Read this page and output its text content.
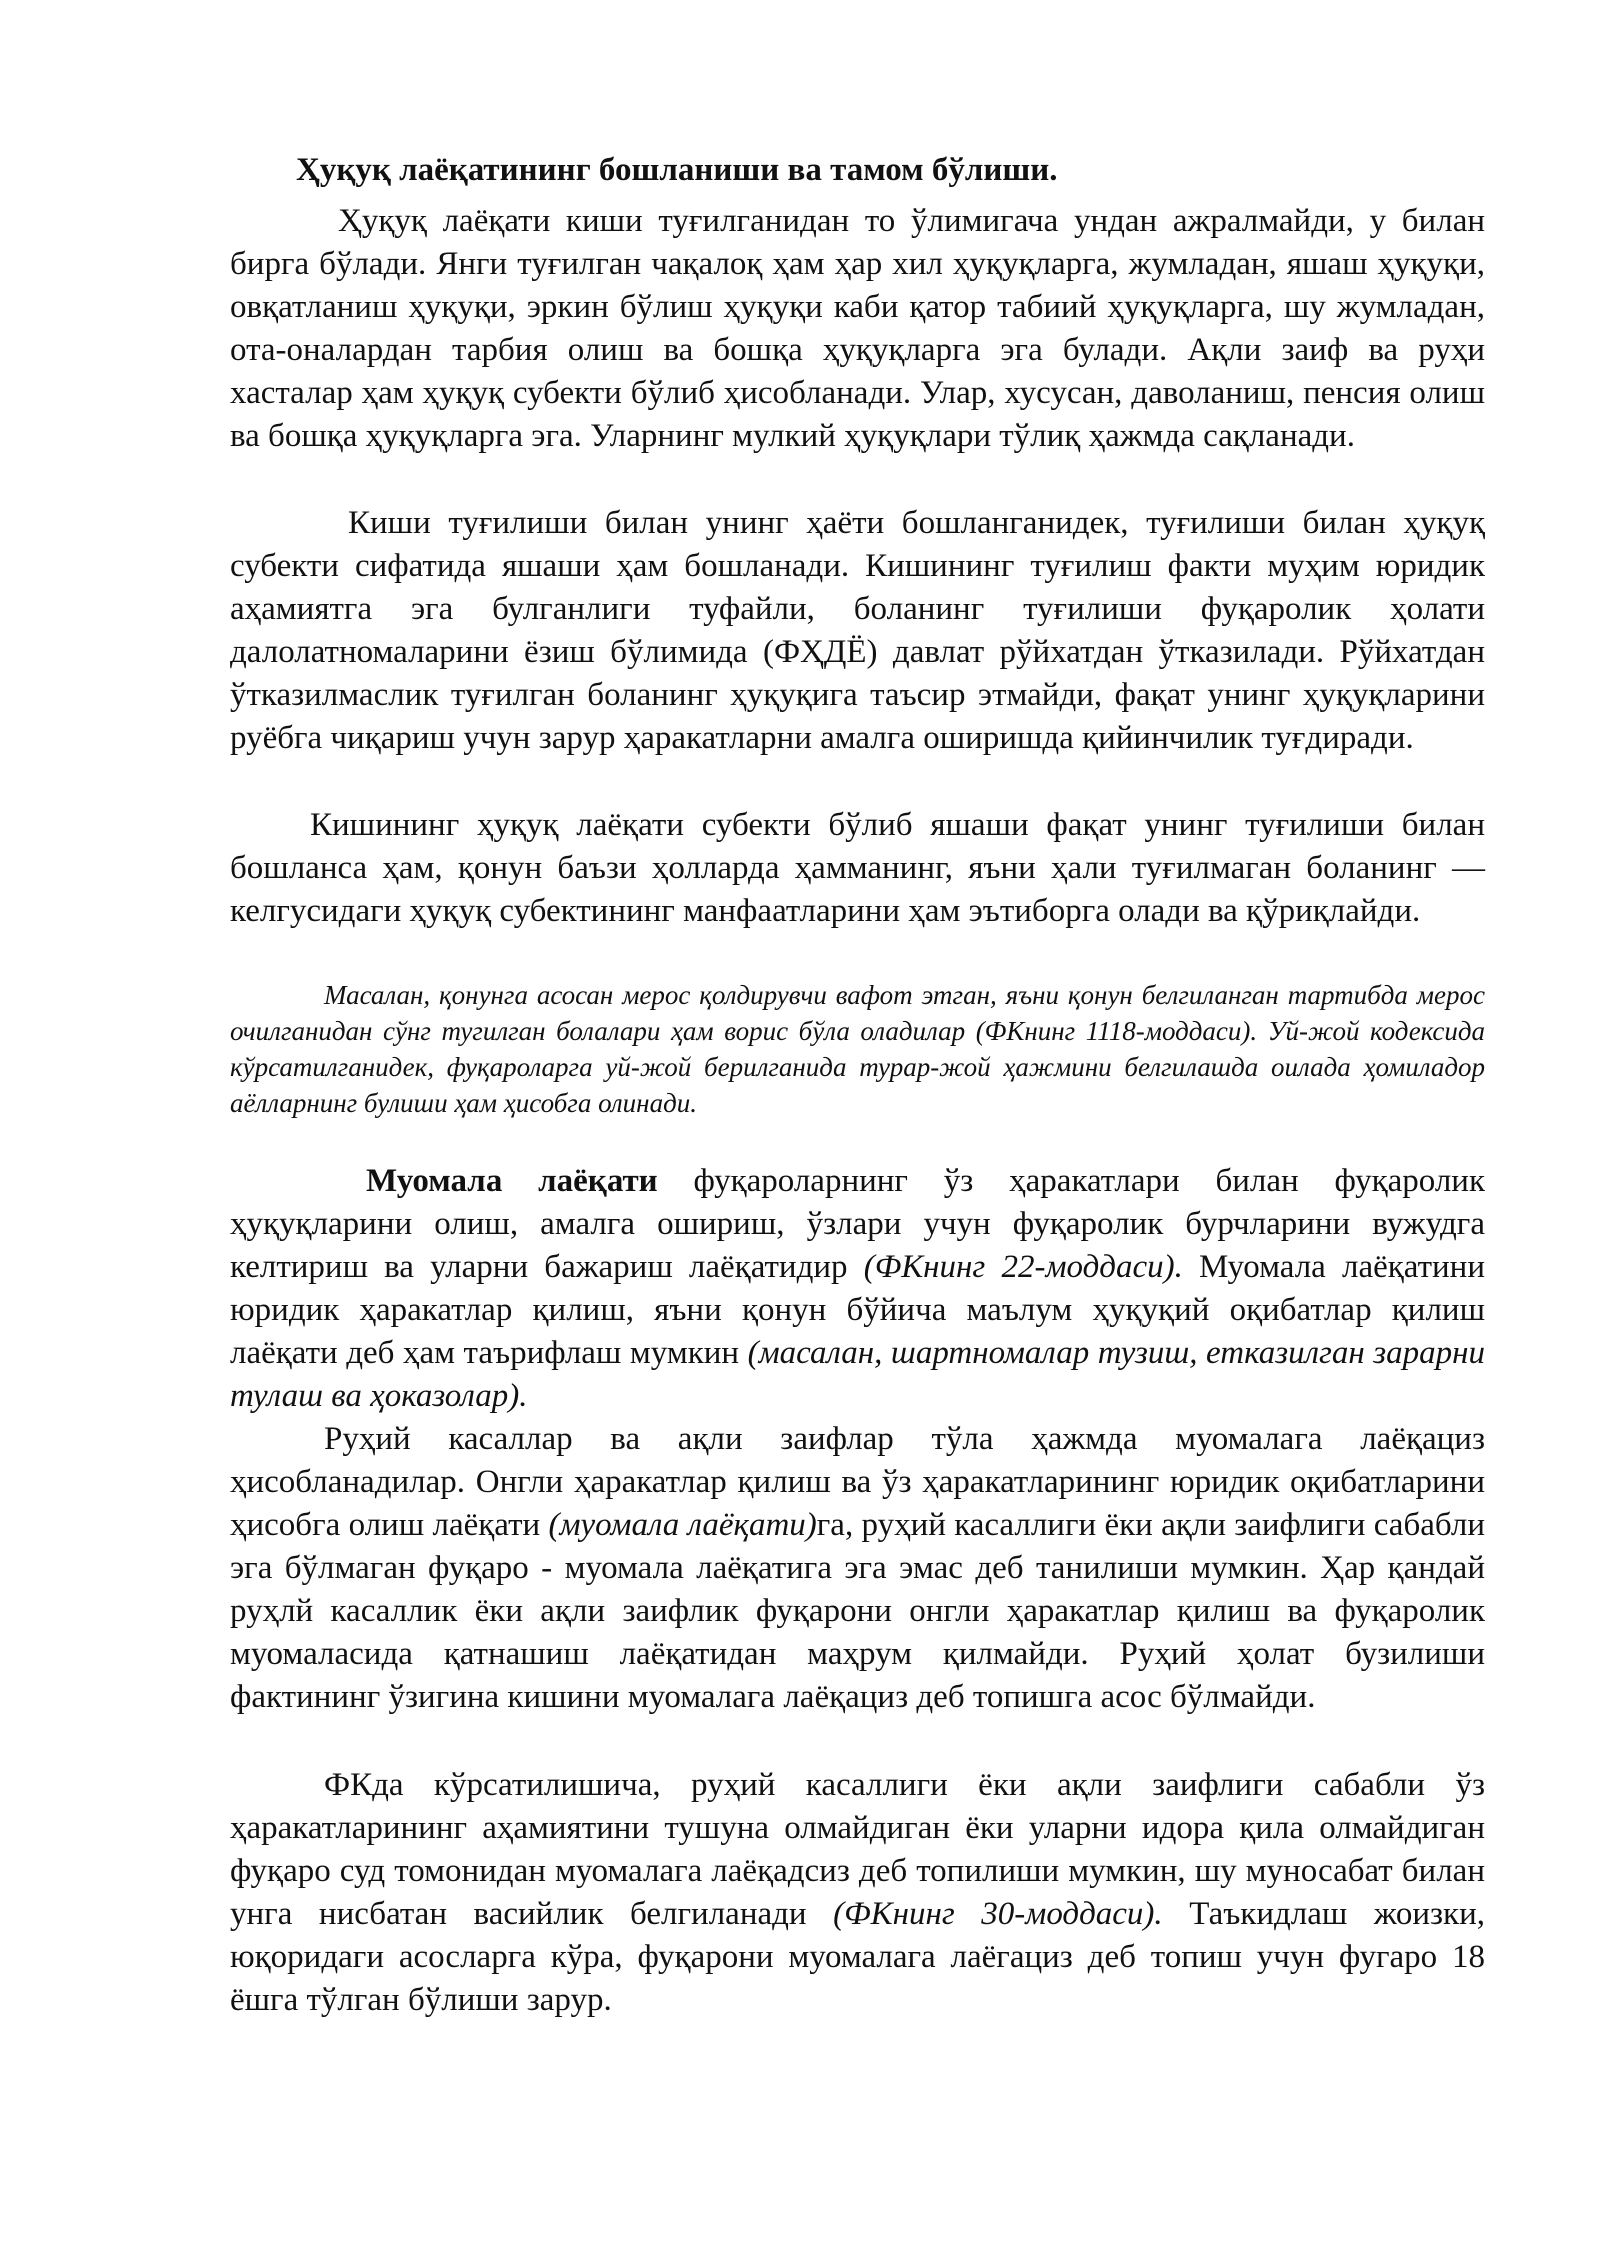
Ҳуқуқ лаёқатининг бошланиши ва тамом бўлиши.

Ҳуқуқ лаёқати киши туғилганидан то ўлимигача ундан ажралмайди, у билан бирга бўлади. Янги туғилган чақалоқ ҳам ҳар хил ҳуқуқларга, жумладан, яшаш ҳуқуқи, овқатланиш ҳуқуқи, эркин бўлиш ҳуқуқи каби қатор табиий ҳуқуқларга, шу жумладан, ота-оналардан тарбия олиш ва бошқа ҳуқуқларга эга булади. Ақли заиф ва руҳи хасталар ҳам ҳуқуқ субекти бўлиб ҳисобланади. Улар, хусусан, даволаниш, пенсия олиш ва бошқа ҳуқуқларга эга. Уларнинг мулкий ҳуқуқлари тўлиқ ҳажмда сақланади.

Киши туғилиши билан унинг ҳаёти бошланганидек, туғилиши билан ҳуқуқ субекти сифатида яшаши ҳам бошланади. Кишининг туғилиш факти муҳим юридик аҳамиятга эга булганлиги туфайли, боланинг туғилиши фуқаролик ҳолати далолатномаларини ёзиш бўлимида (ФҲДЁ) давлат рўйхатдан ўтказилади. Рўйхатдан ўтказилмаслик туғилган боланинг ҳуқуқига таъсир этмайди, фақат унинг ҳуқуқларини руёбга чиқариш учун зарур ҳаракатларни амалга оширишда қийинчилик туғдиради.

Кишининг ҳуқуқ лаёқати субекти бўлиб яшаши фақат унинг туғилиши билан бошланса ҳам, қонун баъзи ҳолларда ҳамманинг, яъни ҳали туғилмаган боланинг — келгусидаги ҳуқуқ субектининг манфаатларини ҳам эътиборга олади ва қўриқлайди.

Масалан, қонунга асосан мерос қолдирувчи вафот этган, яъни қонун белгиланган тартибда мерос очилганидан сўнг тугилган болалари ҳам ворис бўла оладилар (ФКнинг 1118-моддаси). Уй-жой кодексида кўрсатилганидек, фуқароларга уй-жой берилганида турар-жой ҳажмини белгилашда оилада ҳомиладор аёлларнинг булиши ҳам ҳисобга олинади.

Муомала лаёқати фуқароларнинг ўз ҳаракатлари билан фуқаролик ҳуқуқларини олиш, амалга ошириш, ўзлари учун фуқаролик бурчларини вужудга келтириш ва уларни бажариш лаёқатидир (ФКнинг 22-моддаси). Муомала лаёқатини юридик ҳаракатлар қилиш, яъни қонун бўйича маълум ҳуқуқий оқибатлар қилиш лаёқати деб ҳам таърифлаш мумкин (масалан, шартномалар тузиш, етказилган зарарни тулаш ва ҳоказолар).

Руҳий касаллар ва ақли заифлар тўла ҳажмда муомалага лаёқациз ҳисобланадилар. Онгли ҳаракатлар қилиш ва ўз ҳаракатларининг юридик оқибатларини ҳисобга олиш лаёқати (муомала лаёқати)га, руҳий касаллиги ёки ақли заифлиги сабабли эга бўлмаган фуқаро - муомала лаёқатига эга эмас деб танилиши мумкин. Ҳар қандай руҳлй касаллик ёки ақли заифлик фуқарони онгли ҳаракатлар қилиш ва фуқаролик муомаласида қатнашиш лаёқатидан маҳрум қилмайди. Руҳий ҳолат бузилиши фактининг ўзигина кишини муомалага лаёқациз деб топишга асос бўлмайди.

ФКда кўрсатилишича, руҳий касаллиги ёки ақли заифлиги сабабли ўз ҳаракатларининг аҳамиятини тушуна олмайдиган ёки уларни идора қила олмайдиган фуқаро суд томонидан муомалага лаёқадсиз деб топилиши мумкин, шу муносабат билан унга нисбатан васийлик белгиланади (ФКнинг 30-моддаси). Таъкидлаш жоизки, юқоридаги асосларга кўра, фуқарони муомалага лаёгациз деб топиш учун фугаро 18 ёшга тўлган бўлиши зарур.
